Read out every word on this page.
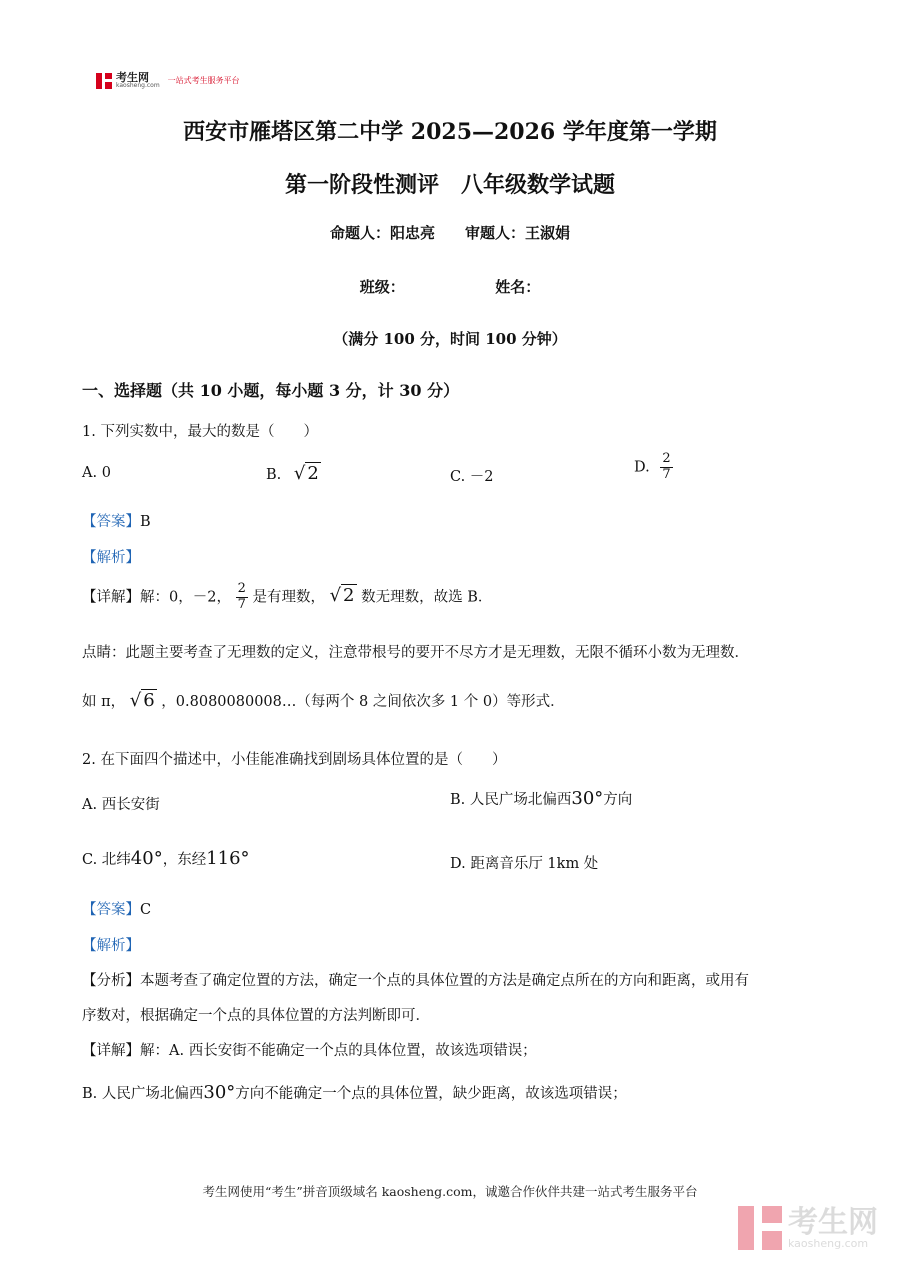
考生网
kaosheng.com
一站式考生服务平台
西安市雁塔区第二中学 2025—2026 学年度第一学期
第一阶段性测评　八年级数学试题
命题人：阳忠亮　　审题人：王淑娟
班级：	姓名：
（满分 100 分，时间 100 分钟）
一、选择题（共 10 小题，每小题 3 分，计 30 分）
1. 下列实数中，最大的数是（　　）
A. 0	B. √ 2	C. －2
D. $\frac{2}{7}$
【答案】B
【解析】
【详解】解：0，－2， $\frac{2}{7}$ 是有理数， √ 2 数无理数，故选 B．
点睛：此题主要考查了无理数的定义，注意带根号的要开不尽方才是无理数，无限不循环小数为无理数．
如 π， √ 6 ，0.8080080008…（每两个 8 之间依次多 1 个 0）等形式．
2. 在下面四个描述中，小佳能准确找到剧场具体位置的是（　　）
A. 西长安街	B. 人民广场北偏西30°方向
C. 北纬40°，东经116°	D. 距离音乐厅 1km 处
【答案】C
【解析】
【分析】本题考查了确定位置的方法，确定一个点的具体位置的方法是确定点所在的方向和距离，或用有
序数对，根据确定一个点的具体位置的方法判断即可．
【详解】解：A. 西长安街不能确定一个点的具体位置，故该选项错误；
B. 人民广场北偏西30°方向不能确定一个点的具体位置，缺少距离，故该选项错误；
考生网使用“考生”拼音顶级域名 kaosheng.com，诚邀合作伙伴共建一站式考生服务平台
考生网
kaosheng.com
